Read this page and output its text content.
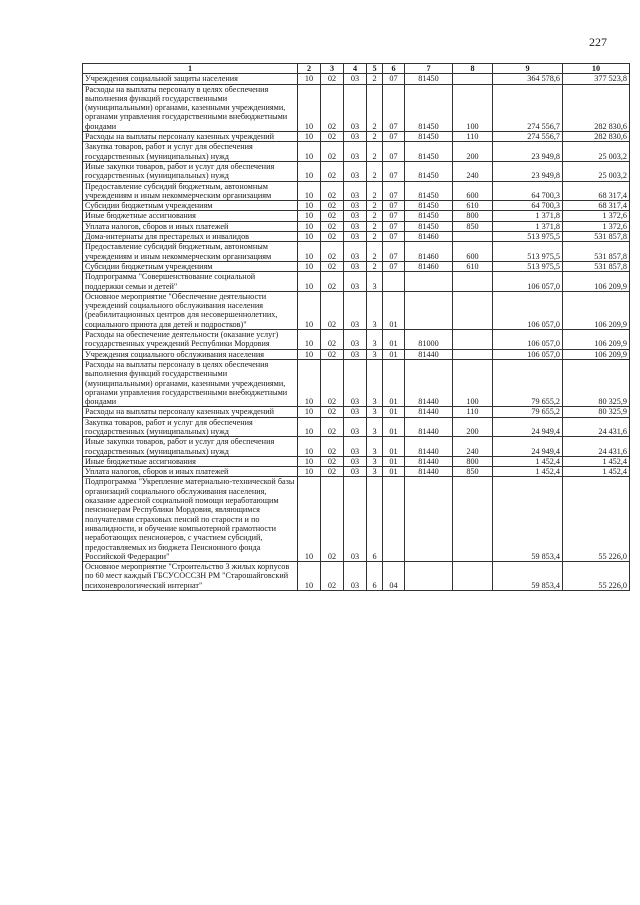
227
1	2	3	4	5	6	7	8	9	10
Учреждения социальной защиты населения	10	02	03	2	07	81450		364 578,6	377 523,8
Расходы на выплаты персоналу в целях обеспечения выполнения функций государственными (муниципальными) органами, казенными учреждениями, органами управления государственными внебюджетными фондами	10	02	03	2	07	81450	100	274 556,7	282 830,6
Расходы на выплаты персоналу казенных учреждений	10	02	03	2	07	81450	110	274 556,7	282 830,6
Закупка товаров, работ и услуг для обеспечения государственных (муниципальных) нужд	10	02	03	2	07	81450	200	23 949,8	25 003,2
Иные закупки товаров, работ и услуг для обеспечения государственных (муниципальных) нужд	10	02	03	2	07	81450	240	23 949,8	25 003,2
Предоставление субсидий бюджетным, автономным учреждениям и иным некоммерческим организациям	10	02	03	2	07	81450	600	64 700,3	68 317,4
Субсидии бюджетным учреждениям	10	02	03	2	07	81450	610	64 700,3	68 317,4
Иные бюджетные ассигнования	10	02	03	2	07	81450	800	1 371,8	1 372,6
Уплата налогов, сборов и иных платежей	10	02	03	2	07	81450	850	1 371,8	1 372,6
Дома-интернаты для престарелых и инвалидов	10	02	03	2	07	81460		513 975,5	531 857,8
Предоставление субсидий бюджетным, автономным учреждениям и иным некоммерческим организациям	10	02	03	2	07	81460	600	513 975,5	531 857,8
Субсидии бюджетным учреждениям	10	02	03	2	07	81460	610	513 975,5	531 857,8
Подпрограмма "Совершенствование социальной поддержки семьи и детей"	10	02	03	3				106 057,0	106 209,9
Основное мероприятие "Обеспечение деятельности учреждений социального обслуживания населения (реабилитационных центров для несовершеннолетних, социального приюта для детей и подростков)"	10	02	03	3	01			106 057,0	106 209,9
Расходы на обеспечение деятельности (оказание услуг) государственных учреждений Республики Мордовия	10	02	03	3	01	81000		106 057,0	106 209,9
Учреждения социального обслуживания населения	10	02	03	3	01	81440		106 057,0	106 209,9
Расходы на выплаты персоналу в целях обеспечения выполнения функций государственными (муниципальными) органами, казенными учреждениями, органами управления государственными внебюджетными фондами	10	02	03	3	01	81440	100	79 655,2	80 325,9
Расходы на выплаты персоналу казенных учреждений	10	02	03	3	01	81440	110	79 655,2	80 325,9
Закупка товаров, работ и услуг для обеспечения государственных (муниципальных) нужд	10	02	03	3	01	81440	200	24 949,4	24 431,6
Иные закупки товаров, работ и услуг для обеспечения государственных (муниципальных) нужд	10	02	03	3	01	81440	240	24 949,4	24 431,6
Иные бюджетные ассигнования	10	02	03	3	01	81440	800	1 452,4	1 452,4
Уплата налогов, сборов и иных платежей	10	02	03	3	01	81440	850	1 452,4	1 452,4
Подпрограмма "Укрепление материально-технической базы организаций социального обслуживания населения, оказание адресной социальной помощи неработающим пенсионерам Республики Мордовия, являющимся получателями страховых пенсий по старости и по инвалидности, и обучение компьютерной грамотности неработающих пенсионеров, с участием субсидий, предоставляемых из бюджета Пенсионного фонда Российской Федерации"	10	02	03	6				59 853,4	55 226,0
Основное мероприятие "Строительство 3 жилых корпусов по 60 мест каждый ГБСУСОССЗН РМ "Старошайговский психоневрологический интернат"	10	02	03	6	04			59 853,4	55 226,0
